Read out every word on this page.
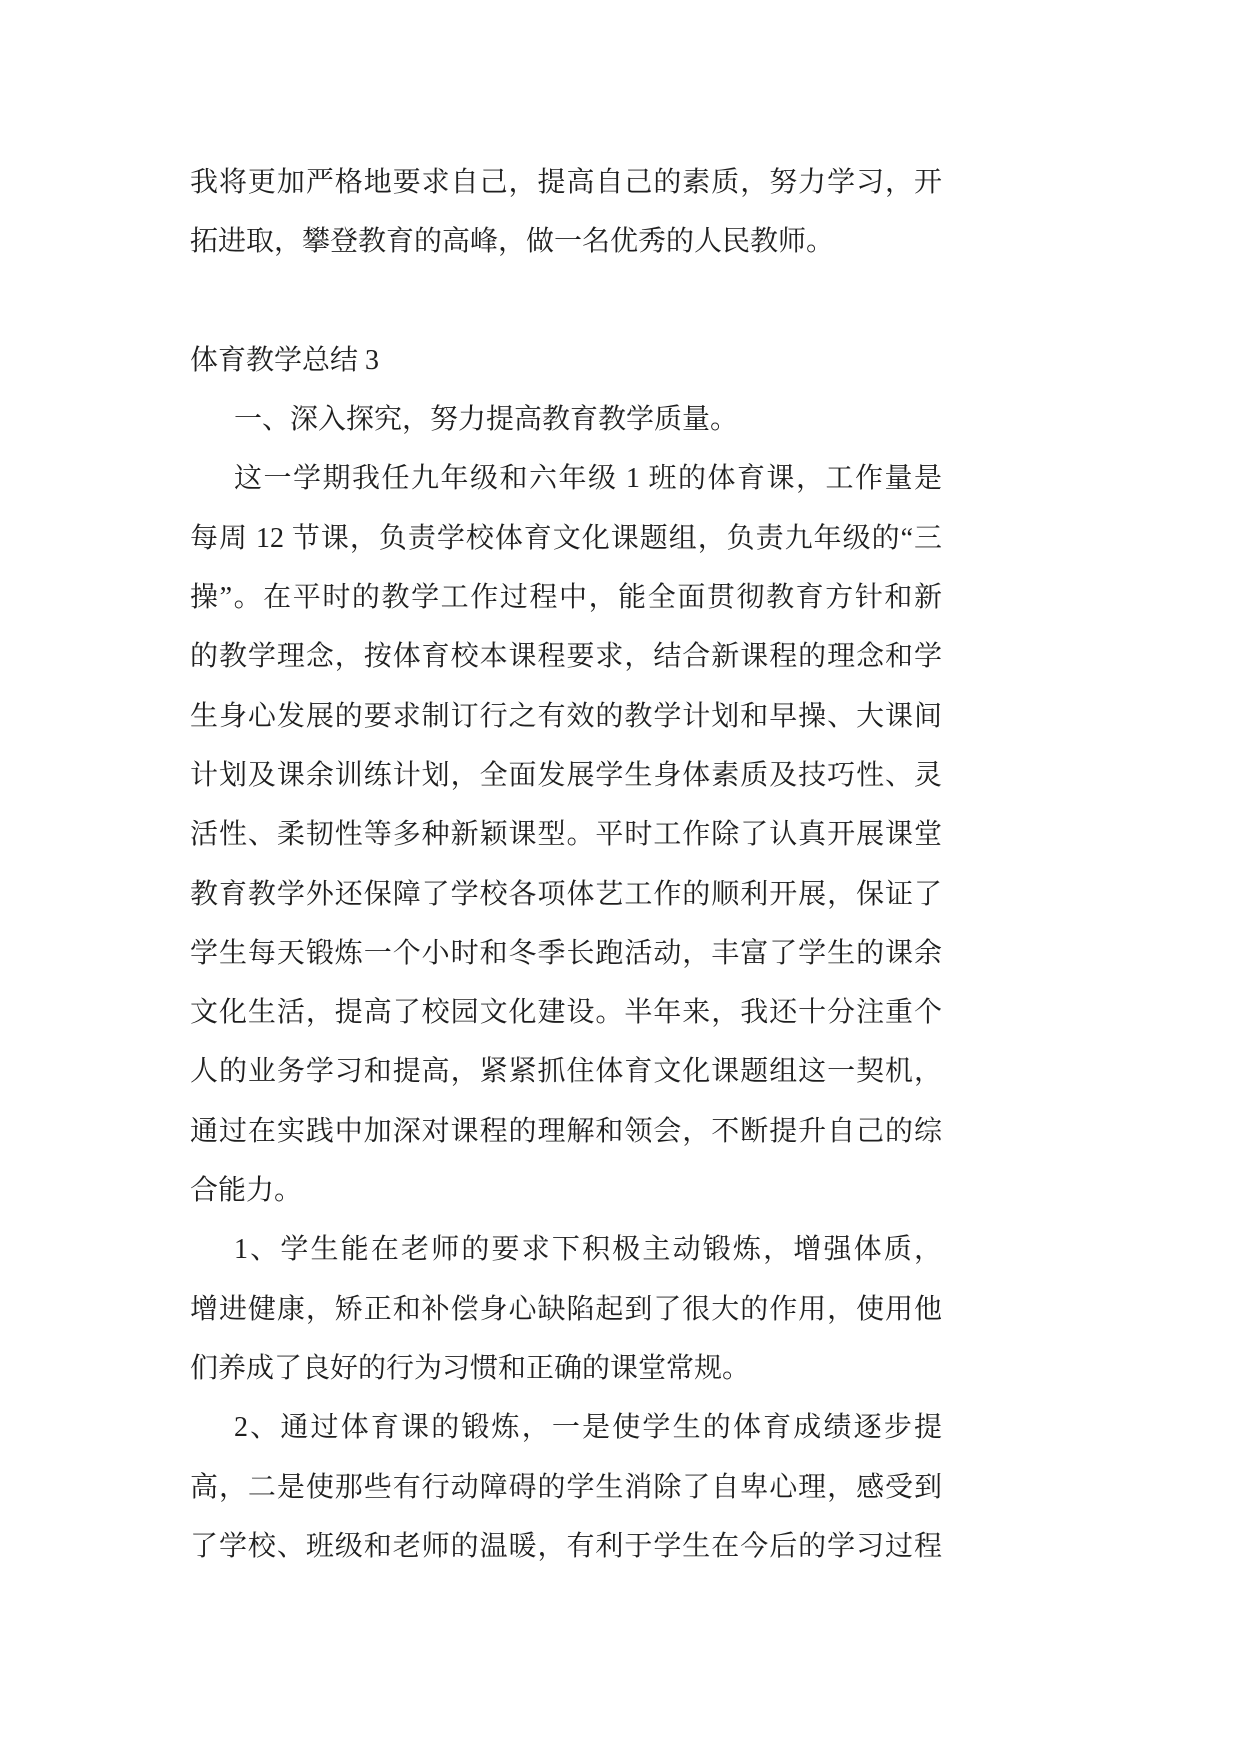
我将更加严格地要求自己，提高自己的素质，努力学习，开
拓进取，攀登教育的高峰，做一名优秀的人民教师。
体育教学总结 3
一、深入探究，努力提高教育教学质量。
这一学期我任九年级和六年级 1 班的体育课，工作量是
每周 12 节课，负责学校体育文化课题组，负责九年级的“三
操”。在平时的教学工作过程中，能全面贯彻教育方针和新
的教学理念，按体育校本课程要求，结合新课程的理念和学
生身心发展的要求制订行之有效的教学计划和早操、大课间
计划及课余训练计划，全面发展学生身体素质及技巧性、灵
活性、柔韧性等多种新颖课型。平时工作除了认真开展课堂
教育教学外还保障了学校各项体艺工作的顺利开展，保证了
学生每天锻炼一个小时和冬季长跑活动，丰富了学生的课余
文化生活，提高了校园文化建设。半年来，我还十分注重个
人的业务学习和提高，紧紧抓住体育文化课题组这一契机，
通过在实践中加深对课程的理解和领会，不断提升自己的综
合能力。
1、学生能在老师的要求下积极主动锻炼，增强体质，
增进健康，矫正和补偿身心缺陷起到了很大的作用，使用他
们养成了良好的行为习惯和正确的课堂常规。
2、通过体育课的锻炼，一是使学生的体育成绩逐步提
高，二是使那些有行动障碍的学生消除了自卑心理，感受到
了学校、班级和老师的温暖，有利于学生在今后的学习过程
